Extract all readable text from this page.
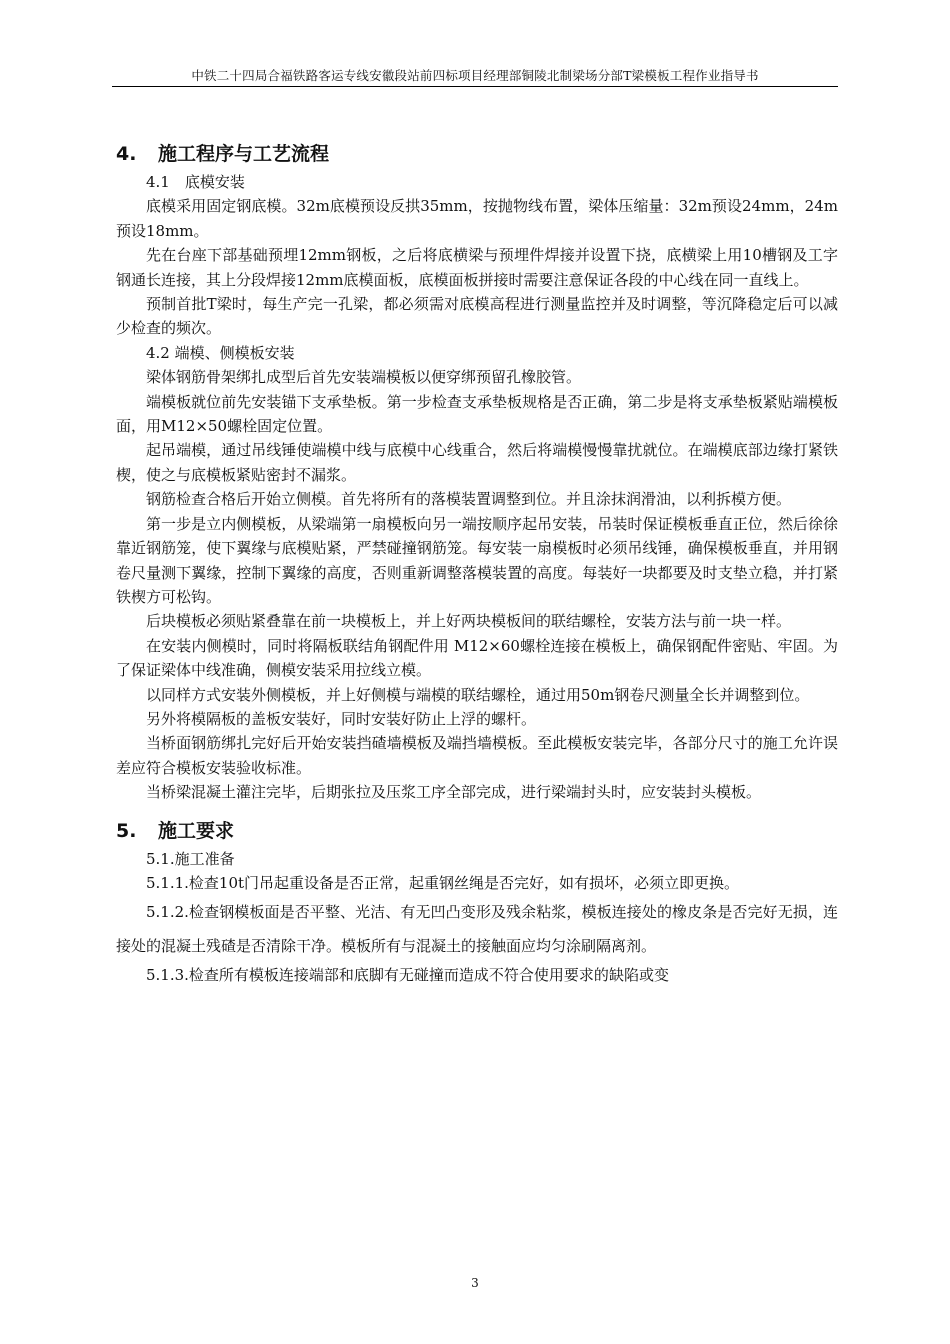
中铁二十四局合福铁路客运专线安徽段站前四标项目经理部铜陵北制梁场分部T梁模板工程作业指导书
4. 施工程序与工艺流程

4.1　底模安装

底模采用固定钢底模。32m底模预设反拱35mm，按抛物线布置，梁体压缩量：32m预设24mm，24m预设18mm。

先在台座下部基础预埋12mm钢板，之后将底横梁与预埋件焊接并设置下挠，底横梁上用10槽钢及工字钢通长连接，其上分段焊接12mm底模面板，底模面板拼接时需要注意保证各段的中心线在同一直线上。

预制首批T梁时，每生产完一孔梁，都必须需对底模高程进行测量监控并及时调整，等沉降稳定后可以减少检查的频次。

4.2 端模、侧模板安装

梁体钢筋骨架绑扎成型后首先安装端模板以便穿绑预留孔橡胶管。

端模板就位前先安装锚下支承垫板。第一步检查支承垫板规格是否正确，第二步是将支承垫板紧贴端模板面，用M12×50螺栓固定位置。

起吊端模，通过吊线锤使端模中线与底模中心线重合，然后将端模慢慢靠扰就位。在端模底部边缘打紧铁楔，使之与底模板紧贴密封不漏浆。

钢筋检查合格后开始立侧模。首先将所有的落模装置调整到位。并且涂抹润滑油，以利拆模方便。

第一步是立内侧模板，从梁端第一扇模板向另一端按顺序起吊安装，吊装时保证模板垂直正位，然后徐徐靠近钢筋笼，使下翼缘与底模贴紧，严禁碰撞钢筋笼。每安装一扇模板时必须吊线锤，确保模板垂直，并用钢卷尺量测下翼缘，控制下翼缘的高度，否则重新调整落模装置的高度。每装好一块都要及时支垫立稳，并打紧铁楔方可松钩。

后块模板必须贴紧叠靠在前一块模板上，并上好两块模板间的联结螺栓，安装方法与前一块一样。

在安装内侧模时，同时将隔板联结角钢配件用 M12×60螺栓连接在模板上，确保钢配件密贴、牢固。为了保证梁体中线准确，侧模安装采用拉线立模。

以同样方式安装外侧模板，并上好侧模与端模的联结螺栓，通过用50m钢卷尺测量全长并调整到位。

另外将模隔板的盖板安装好，同时安装好防止上浮的螺杆。

当桥面钢筋绑扎完好后开始安装挡碴墙模板及端挡墙模板。至此模板安装完毕，各部分尺寸的施工允许误差应符合模板安装验收标准。

当桥梁混凝土灌注完毕，后期张拉及压浆工序全部完成，进行梁端封头时，应安装封头模板。

5. 施工要求

5.1.施工准备

5.1.1.检查10t门吊起重设备是否正常，起重钢丝绳是否完好，如有损坏，必须立即更换。

5.1.2.检查钢模板面是否平整、光洁、有无凹凸变形及残余粘浆，模板连接处的橡皮条是否完好无损，连接处的混凝土残碴是否清除干净。模板所有与混凝土的接触面应均匀涂刷隔离剂。

5.1.3.检查所有模板连接端部和底脚有无碰撞而造成不符合使用要求的缺陷或变

3
